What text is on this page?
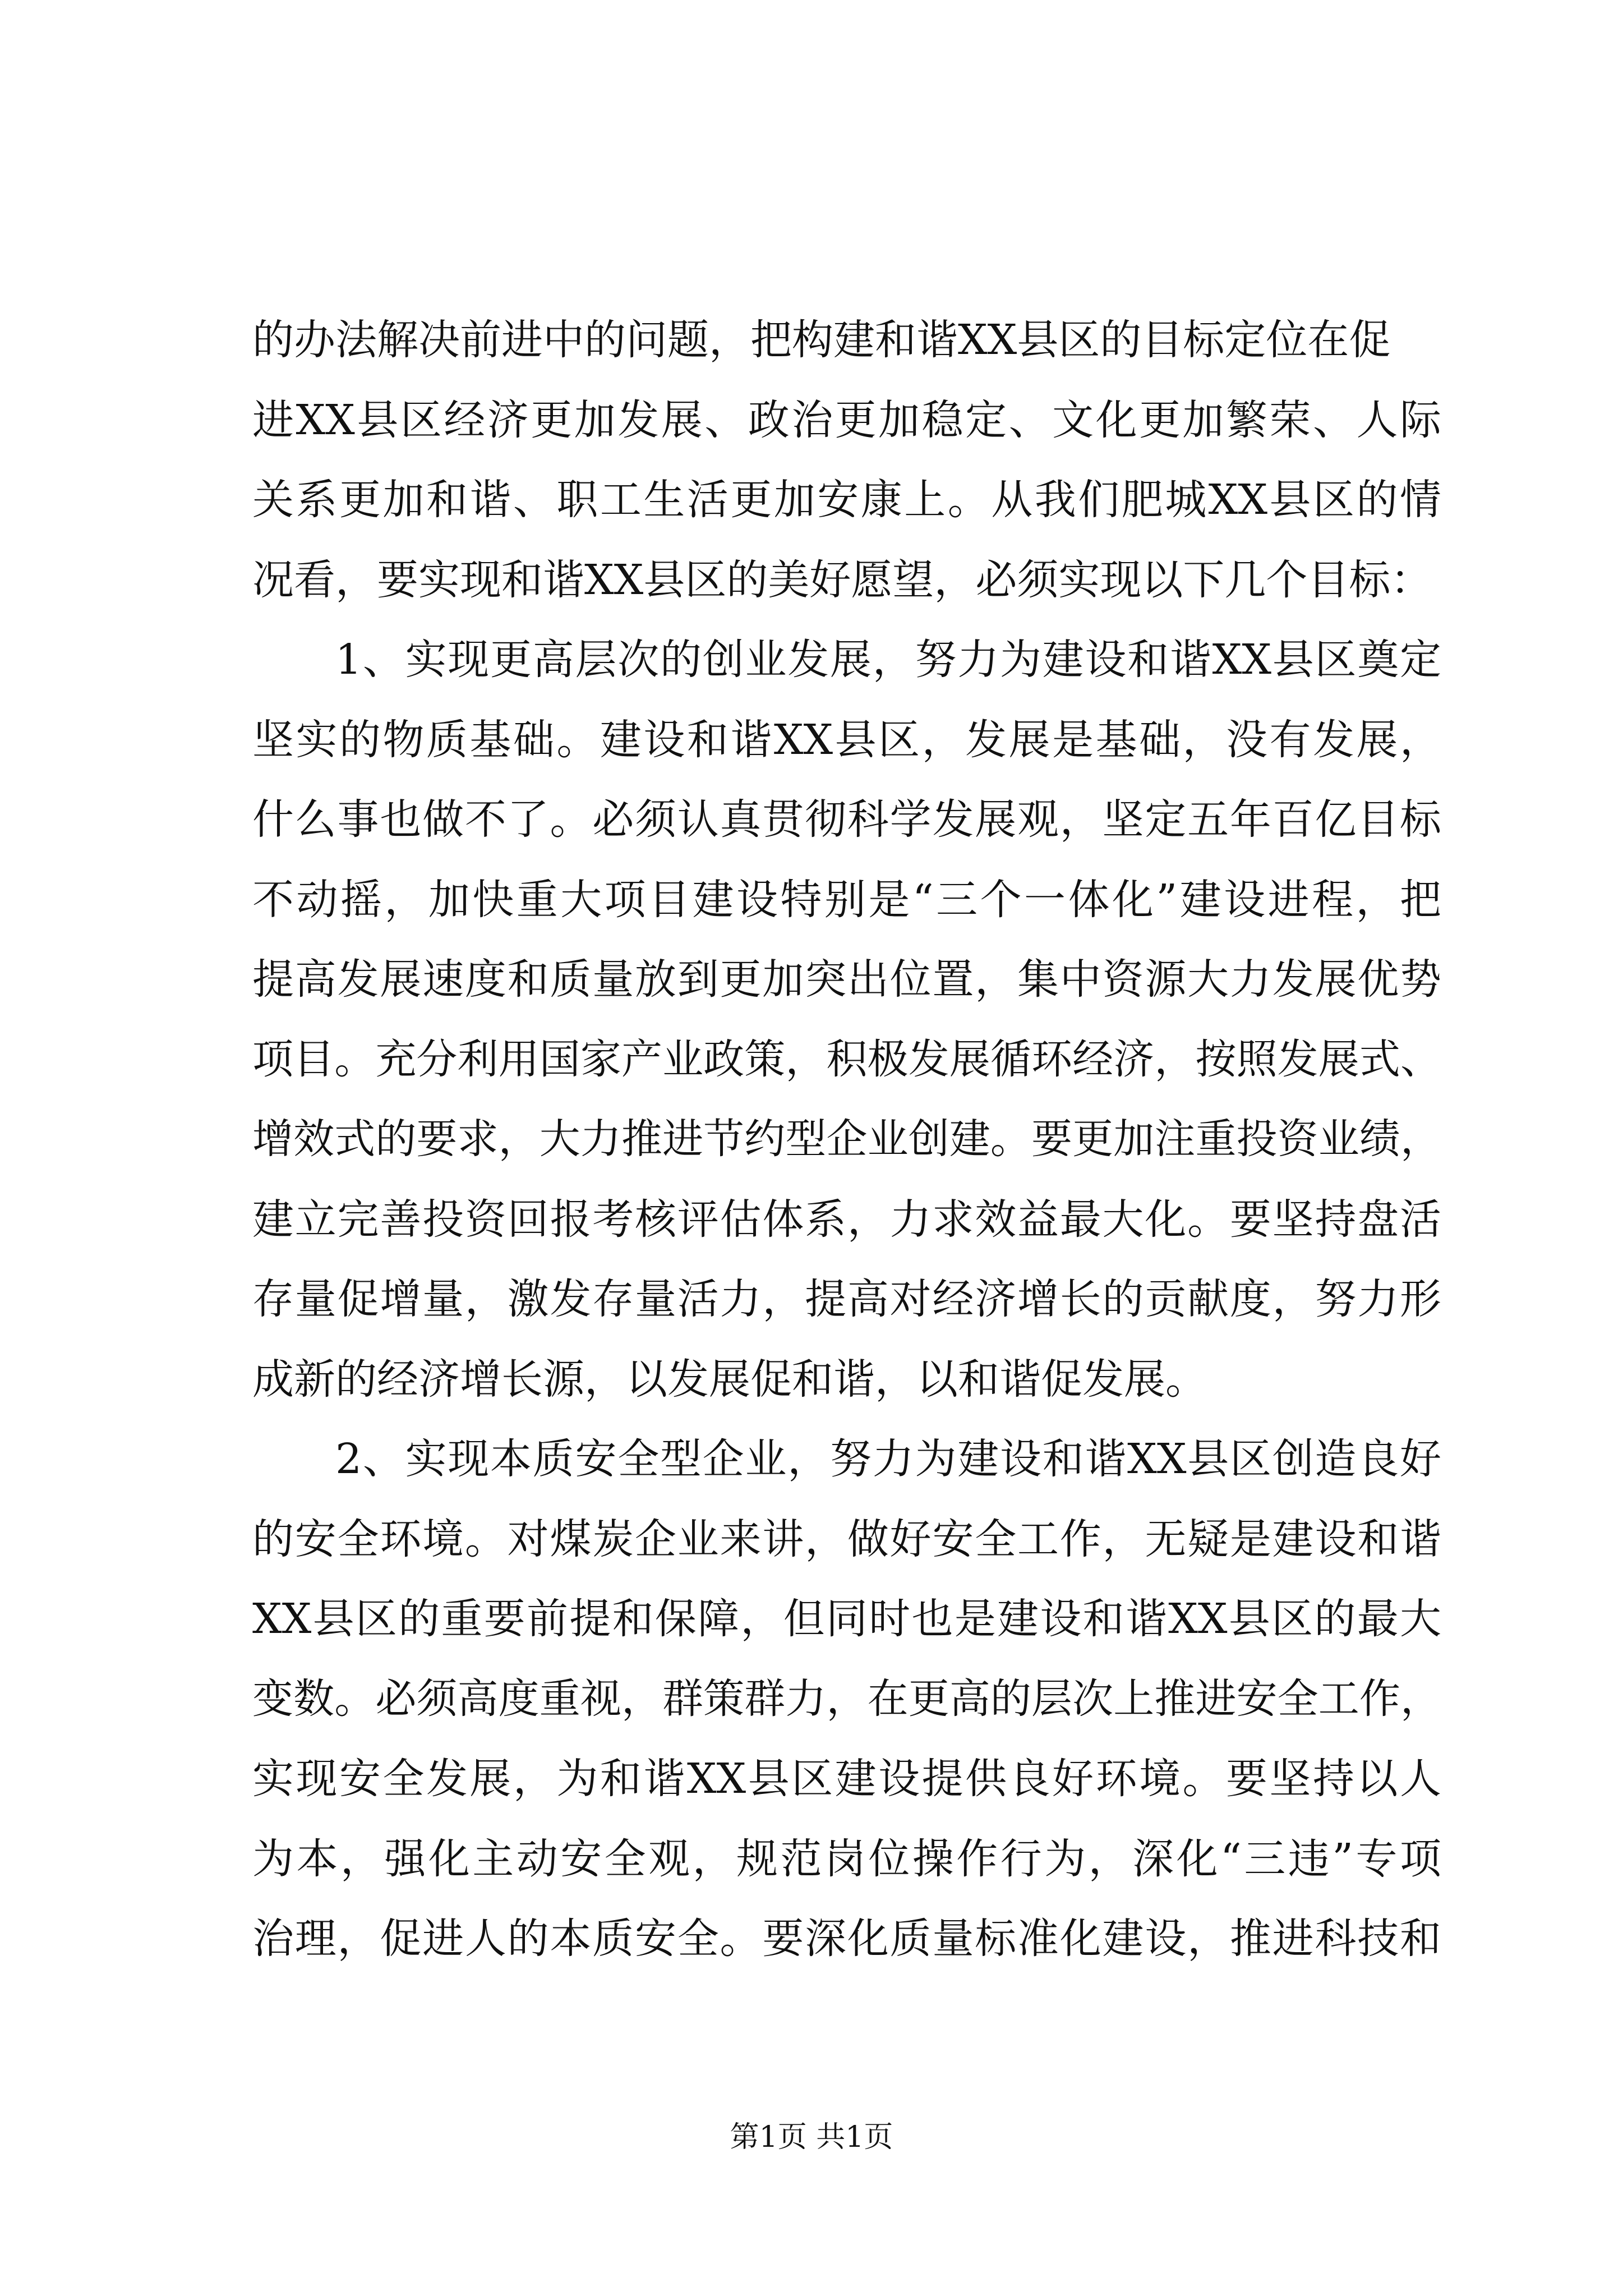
的办法解决前进中的问题，把构建和谐XX县区的目标定位在促
进XX县区经济更加发展、政治更加稳定、文化更加繁荣、人际
关系更加和谐、职工生活更加安康上。从我们肥城XX县区的情
况看，要实现和谐XX县区的美好愿望，必须实现以下几个目标：
1、实现更高层次的创业发展，努力为建设和谐XX县区奠定
坚实的物质基础。建设和谐XX县区，发展是基础，没有发展，
什么事也做不了。必须认真贯彻科学发展观，坚定五年百亿目标
不动摇，加快重大项目建设特别是“三个一体化”建设进程，把
提高发展速度和质量放到更加突出位置，集中资源大力发展优势
项目。充分利用国家产业政策，积极发展循环经济，按照发展式、
增效式的要求，大力推进节约型企业创建。要更加注重投资业绩，
建立完善投资回报考核评估体系，力求效益最大化。要坚持盘活
存量促增量，激发存量活力，提高对经济增长的贡献度，努力形
成新的经济增长源，以发展促和谐，以和谐促发展。
2、实现本质安全型企业，努力为建设和谐XX县区创造良好
的安全环境。对煤炭企业来讲，做好安全工作，无疑是建设和谐
XX县区的重要前提和保障，但同时也是建设和谐XX县区的最大
变数。必须高度重视，群策群力，在更高的层次上推进安全工作，
实现安全发展，为和谐XX县区建设提供良好环境。要坚持以人
为本，强化主动安全观，规范岗位操作行为，深化“三违”专项
治理，促进人的本质安全。要深化质量标准化建设，推进科技和
第1页 共1页
